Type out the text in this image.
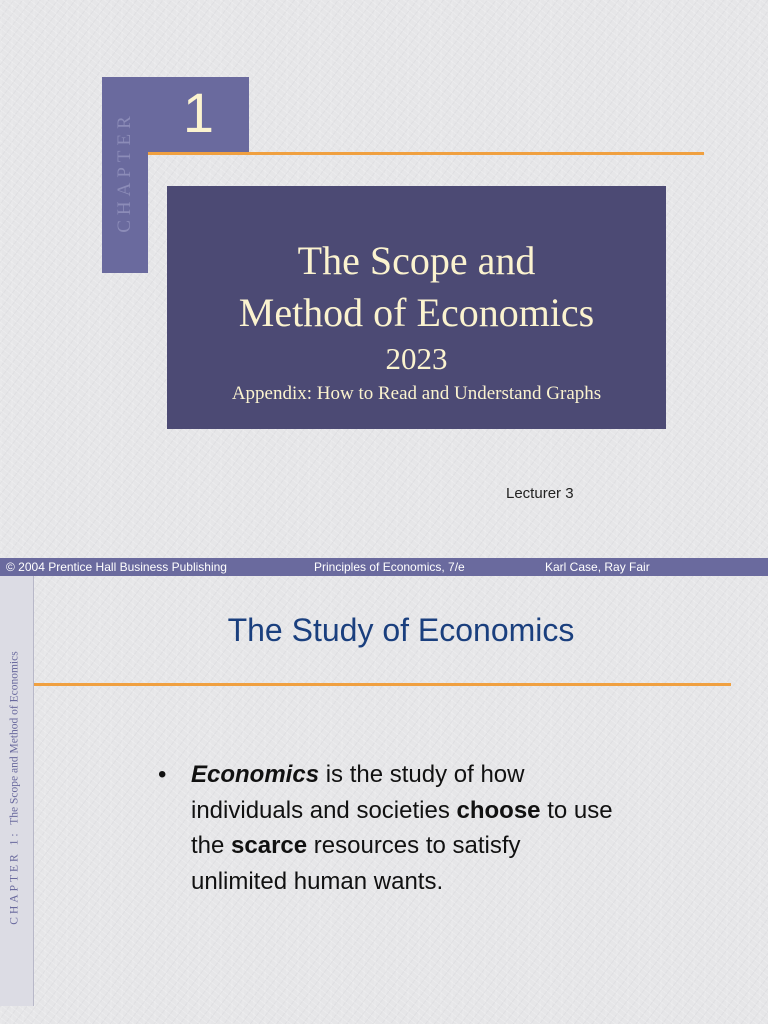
CHAPTER 1
The Scope and
Method of Economics
2023
Appendix: How to Read and Understand Graphs
Lecturer 3
© 2004 Prentice Hall Business Publishing	Principles of Economics, 7/e	Karl Case, Ray Fair
CHAPTER 1:  The Scope and Method of Economics
The Study of Economics
• Economics is the study of how individuals and societies choose to use the scarce resources to satisfy unlimited human wants.
